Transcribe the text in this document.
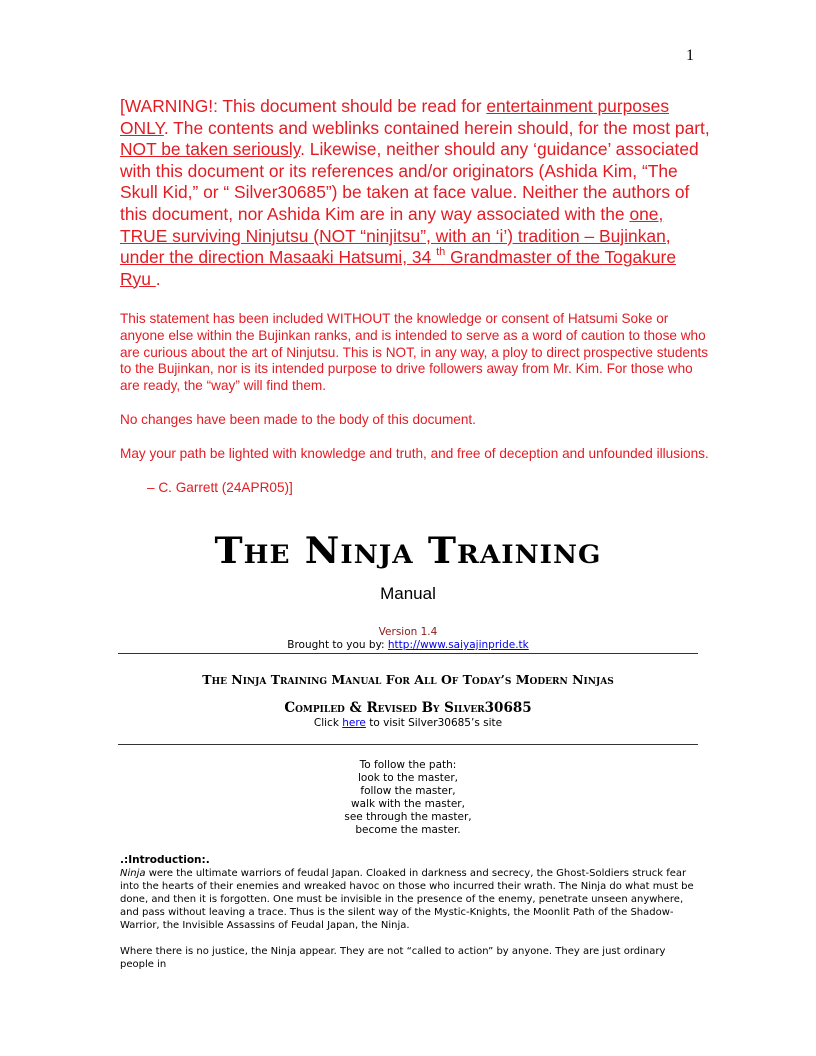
1
[WARNING!: This document should be read for entertainment purposes ONLY. The contents and weblinks contained herein should, for the most part, NOT be taken seriously. Likewise, neither should any ‘guidance’ associated with this document or its references and/or originators (Ashida Kim, “The Skull Kid,” or “ Silver30685”) be taken at face value. Neither the authors of this document, nor Ashida Kim are in any way associated with the one, TRUE surviving Ninjutsu (NOT “ninjitsu”, with an ‘i’) tradition – Bujinkan, under the direction Masaaki Hatsumi, 34 $^{th}$ Grandmaster of the Togakure Ryu .
This statement has been included WITHOUT the knowledge or consent of Hatsumi Soke or anyone else within the Bujinkan ranks, and is intended to serve as a word of caution to those who are curious about the art of Ninjutsu. This is NOT, in any way, a ploy to direct prospective students to the Bujinkan, nor is its intended purpose to drive followers away from Mr. Kim. For those who are ready, the “way” will find them.
No changes have been made to the body of this document.
May your path be lighted with knowledge and truth, and free of deception and unfounded illusions.
– C. Garrett (24APR05)]
The Ninja Training
Manual
Version 1.4
Brought to you by: http://www.saiyajinpride.tk
The Ninja Training Manual For All Of Today’s Modern Ninjas
Compiled & Revised By Silver30685
Click here to visit Silver30685’s site
To follow the path:
look to the master,
follow the master,
walk with the master,
see through the master,
become the master.
.:Introduction:.
Ninja were the ultimate warriors of feudal Japan. Cloaked in darkness and secrecy, the Ghost-Soldiers struck fear into the hearts of their enemies and wreaked havoc on those who incurred their wrath. The Ninja do what must be done, and then it is forgotten. One must be invisible in the presence of the enemy, penetrate unseen anywhere, and pass without leaving a trace. Thus is the silent way of the Mystic-Knights, the Moonlit Path of the Shadow-Warrior, the Invisible Assassins of Feudal Japan, the Ninja.
Where there is no justice, the Ninja appear. They are not “called to action” by anyone. They are just ordinary people in
